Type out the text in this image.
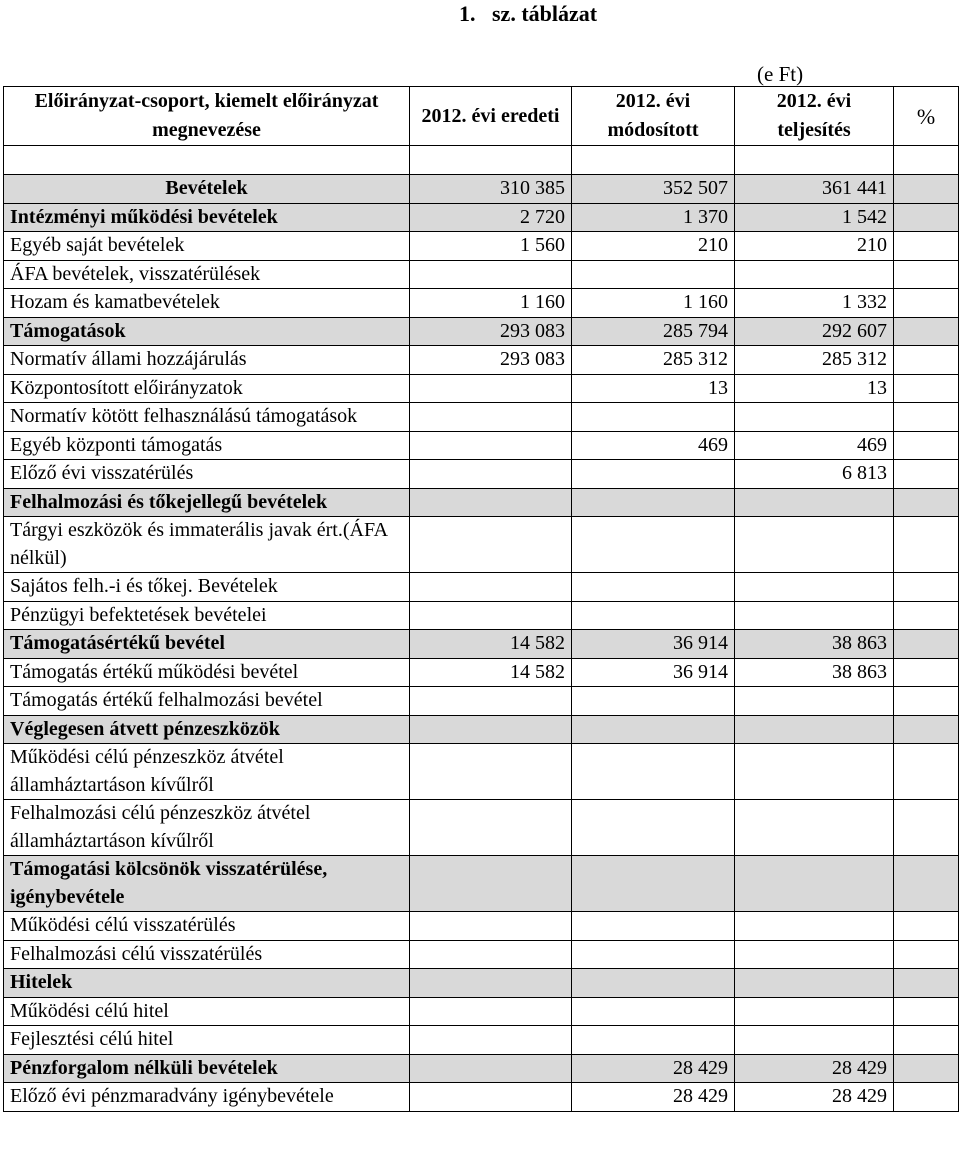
1.   sz. táblázat
(e Ft)
Előirányzat-csoport, kiemelt előirányzat megnevezése	2012. évi eredeti	2012. évi módosított	2012. évi teljesítés	%

Bevételek	310 385	352 507	361 441	
Intézményi működési bevételek	2 720	1 370	1 542	
Egyéb saját bevételek	1 560	210	210	
ÁFA bevételek, visszatérülések				
Hozam és kamatbevételek	1 160	1 160	1 332	
Támogatások	293 083	285 794	292 607	
Normatív állami hozzájárulás	293 083	285 312	285 312	
Központosított előirányzatok		13	13	
Normatív kötött felhasználású támogatások				
Egyéb központi támogatás		469	469	
Előző évi visszatérülés			6 813	
Felhalmozási és tőkejellegű bevételek				
Tárgyi eszközök és immaterális javak ért.(ÁFA nélkül)				
Sajátos felh.-i és tőkej. Bevételek				
Pénzügyi befektetések bevételei				
Támogatásértékű bevétel	14 582	36 914	38 863	
Támogatás értékű működési bevétel	14 582	36 914	38 863	
Támogatás értékű felhalmozási bevétel				
Véglegesen átvett pénzeszközök				
Működési célú pénzeszköz átvétel államháztartáson kívűlről				
Felhalmozási célú pénzeszköz átvétel államháztartáson kívűlről				
Támogatási kölcsönök visszatérülése, igénybevétele				
Működési célú visszatérülés				
Felhalmozási célú visszatérülés				
Hitelek				
Működési célú hitel				
Fejlesztési célú hitel				
Pénzforgalom nélküli bevételek		28 429	28 429	
Előző évi pénzmaradvány igénybevétele		28 429	28 429	
